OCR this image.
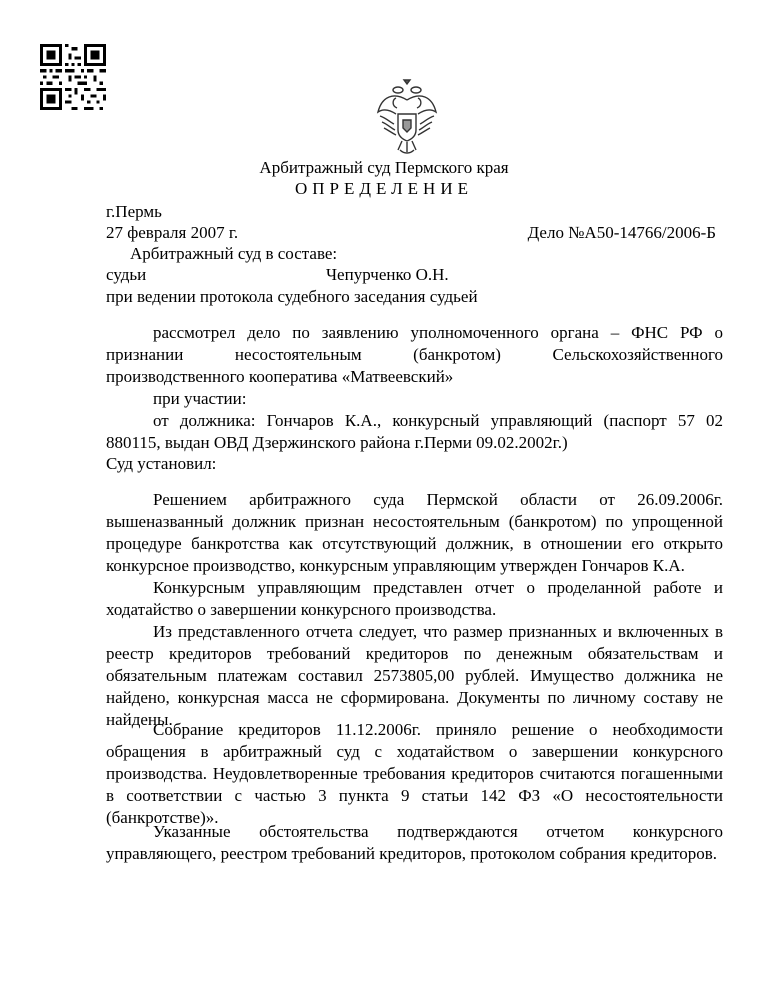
Арбитражный суд Пермского края
ОПРЕДЕЛЕНИЕ
г.Пермь
27 февраля 2007 г.	Дело №А50-14766/2006-Б
Арбитражный суд в составе:
судьи	Чепурченко О.Н.
при ведении протокола судебного заседания судьей
рассмотрел дело по заявлению уполномоченного органа – ФНС РФ о признании несостоятельным (банкротом) Сельскохозяйственного производственного кооператива «Матвеевский»
при участии:
от должника: Гончаров К.А., конкурсный управляющий (паспорт 57 02 880115, выдан ОВД Дзержинского района г.Перми 09.02.2002г.)
Суд установил:
Решением арбитражного суда Пермской области от 26.09.2006г. вышеназванный должник признан несостоятельным (банкротом) по упрощенной процедуре банкротства как отсутствующий должник, в отношении его открыто конкурсное производство, конкурсным управляющим утвержден Гончаров К.А.
Конкурсным управляющим представлен отчет о проделанной работе и ходатайство о завершении конкурсного производства.
Из представленного отчета следует, что размер признанных и включенных в реестр кредиторов требований кредиторов по денежным обязательствам и обязательным платежам составил 2573805,00 рублей. Имущество должника не найдено, конкурсная масса не сформирована. Документы по личному составу не найдены.
Собрание кредиторов 11.12.2006г. приняло решение о необходимости обращения в арбитражный суд с ходатайством о завершении конкурсного производства. Неудовлетворенные требования кредиторов считаются погашенными в соответствии с частью 3 пункта 9 статьи 142 ФЗ «О несостоятельности (банкротстве)».
Указанные обстоятельства подтверждаются отчетом конкурсного управляющего, реестром требований кредиторов, протоколом собрания кредиторов.
